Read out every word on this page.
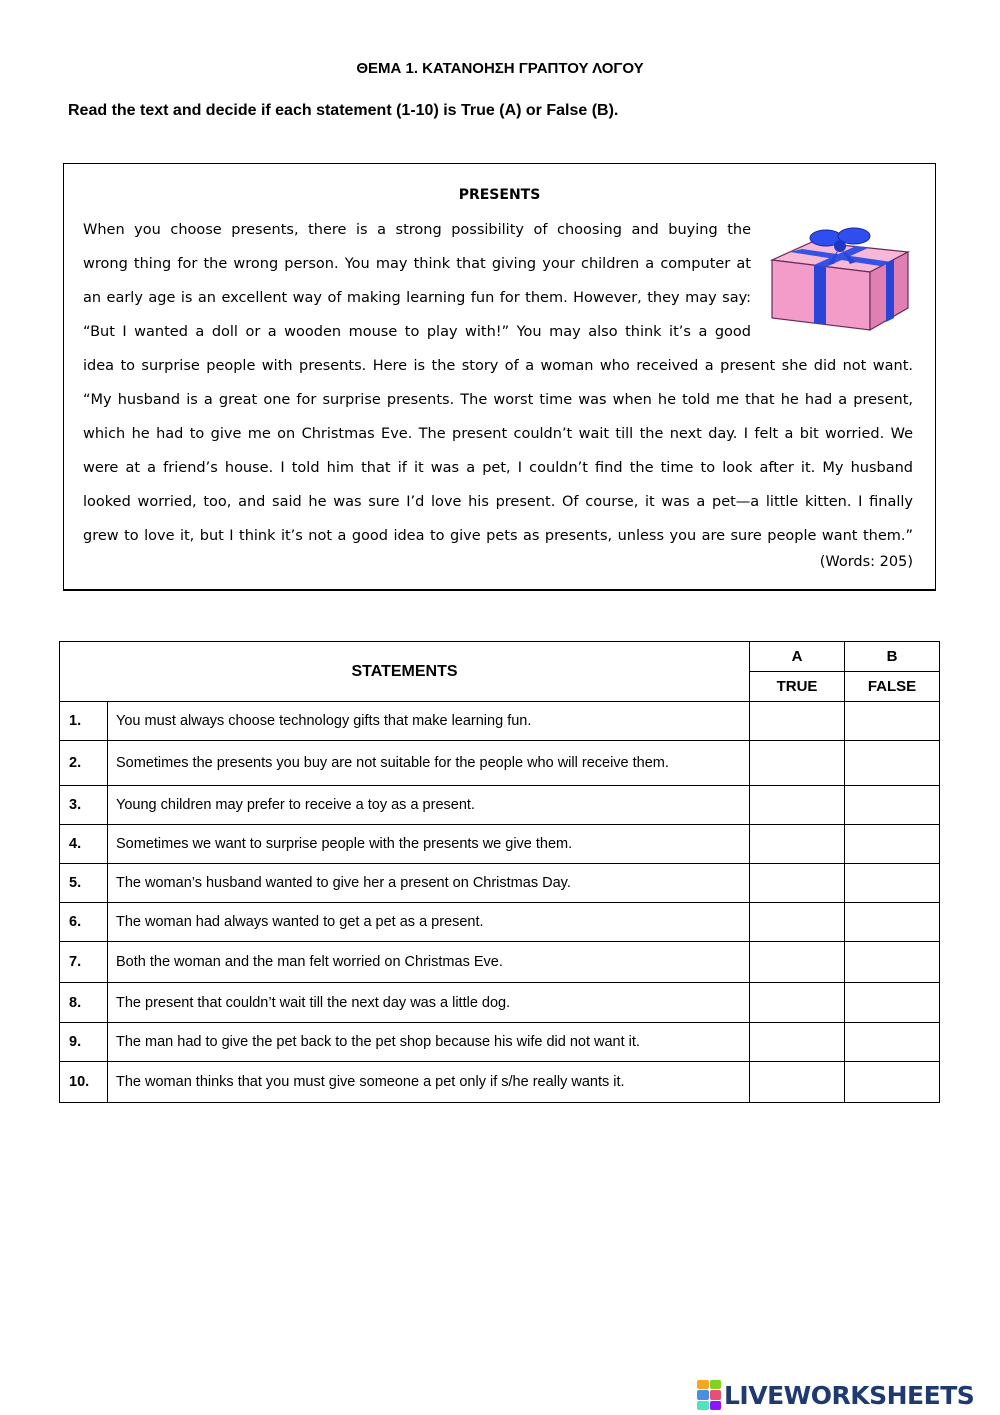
ΘΕΜΑ 1. ΚΑΤΑΝΟΗΣΗ ΓΡΑΠΤΟΥ ΛΟΓΟΥ
Read the text and decide if each statement (1-10) is True (A) or False (B).
PRESENTS
When you choose presents, there is a strong possibility of choosing and buying the
wrong thing for the wrong person. You may think that giving your children a computer at
an early age is an excellent way of making learning fun for them. However, they may say:
“But I wanted a doll or a wooden mouse to play with!” You may also think it’s a good
idea to surprise people with presents. Here is the story of a woman who received a present she did not want.
“My husband is a great one for surprise presents. The worst time was when he told me that he had a present,
which he had to give me on Christmas Eve. The present couldn’t wait till the next day. I felt a bit worried. We
were at a friend’s house. I told him that if it was a pet, I couldn’t find the time to look after it. My husband
looked worried, too, and said he was sure I’d love his present. Of course, it was a pet—a little kitten. I finally
grew to love it, but I think it’s not a good idea to give pets as presents, unless you are sure people want them.”
(Words: 205)
STATEMENTS		A	B
		TRUE	FALSE
1.	You must always choose technology gifts that make learning fun.		
2.	Sometimes the presents you buy are not suitable for the people who will receive them.		
3.	Young children may prefer to receive a toy as a present.		
4.	Sometimes we want to surprise people with the presents we give them.		
5.	The woman’s husband wanted to give her a present on Christmas Day.		
6.	The woman had always wanted to get a pet as a present.		
7.	Both the woman and the man felt worried on Christmas Eve.		
8.	The present that couldn’t wait till the next day was a little dog.		
9.	The man had to give the pet back to the pet shop because his wife did not want it.		
10.	The woman thinks that you must give someone a pet only if s/he really wants it.		
LIVEWORKSHEETS
